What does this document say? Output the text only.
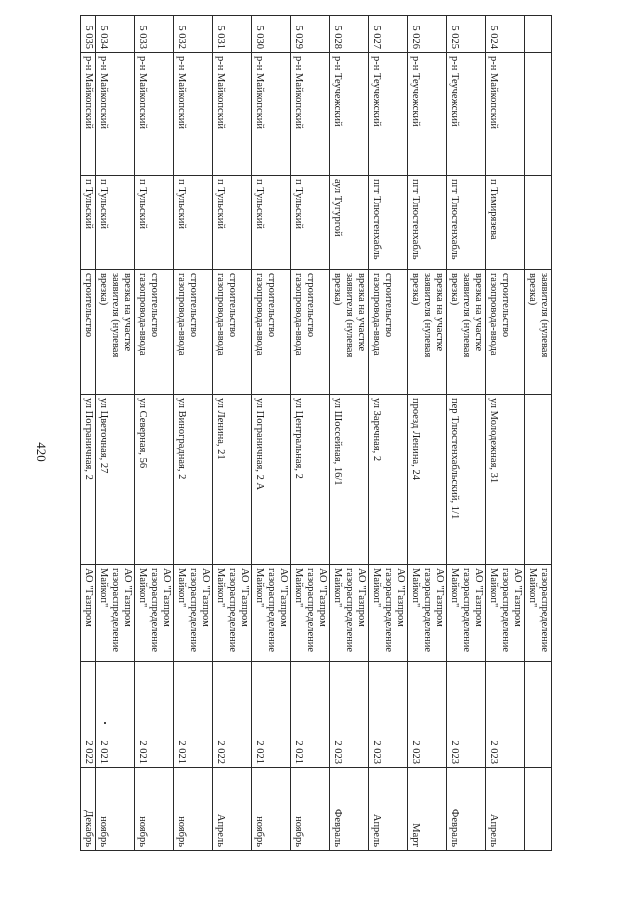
420
			заявителя (нулевая врезка)		газораспределение Майкоп"		
5 024	р-н Майкопский	п Тимирязева	строительство газопровода-ввода	ул Молодежная, 31	АО "Газпром газораспределение Майкоп"	2 023	Апрель
5 025	р-н Теучежский	пгт Тлюстенхабль	врезка на участке заявителя (нулевая врезка)	пер Тлюстенхабльский, 1/1	АО "Газпром газораспределение Майкоп"	2 023	Февраль
5 026	р-н Теучежский	пгт Тлюстенхабль	врезка на участке заявителя (нулевая врезка)	проезд Ленина, 24	АО "Газпром газораспределение Майкоп"	2 023	Март
5 027	р-н Теучежский	пгт Тлюстенхабль	строительство газопровода-ввода	ул Заречная, 2	АО "Газпром газораспределение Майкоп"	2 023	Апрель
5 028	р-н Теучежский	аул Тугургой	врезка на участке заявителя (нулевая врезка)	ул Шоссейная, 16/1	АО "Газпром газораспределение Майкоп"	2 023	Февраль
5 029	р-н Майкопский	п Тульский	строительство газопровода-ввода	ул Центральная, 2	АО "Газпром газораспределение Майкоп"	2 021	ноябрь
5 030	р-н Майкопский	п Тульский	строительство газопровода-ввода	ул Пограничная, 2 А	АО "Газпром газораспределение Майкоп"	2 021	ноябрь
5 031	р-н Майкопский	п Тульский	строительство газопровода-ввода	ул Ленина, 21	АО "Газпром газораспределение Майкоп"	2 022	Апрель
5 032	р-н Майкопский	п Тульский	строительство газопровода-ввода	ул Виноградная, 2	АО "Газпром газораспределение Майкоп"	2 021	ноябрь
5 033	р-н Майкопский	п Тульский	строительство газопровода-ввода	ул Северная, 56	АО "Газпром газораспределение Майкоп"	2 021	ноябрь
5 034	р-н Майкопский	п Тульский	врезка на участке заявителя (нулевая врезка)	ул Цветочная, 27	АО "Газпром газораспределение Майкоп"	2 021	ноябрь
5 035	р-н Майкопский	п Тульский	строительство	ул Пограничная, 2	АО "Газпром	2 022	Декабрь
